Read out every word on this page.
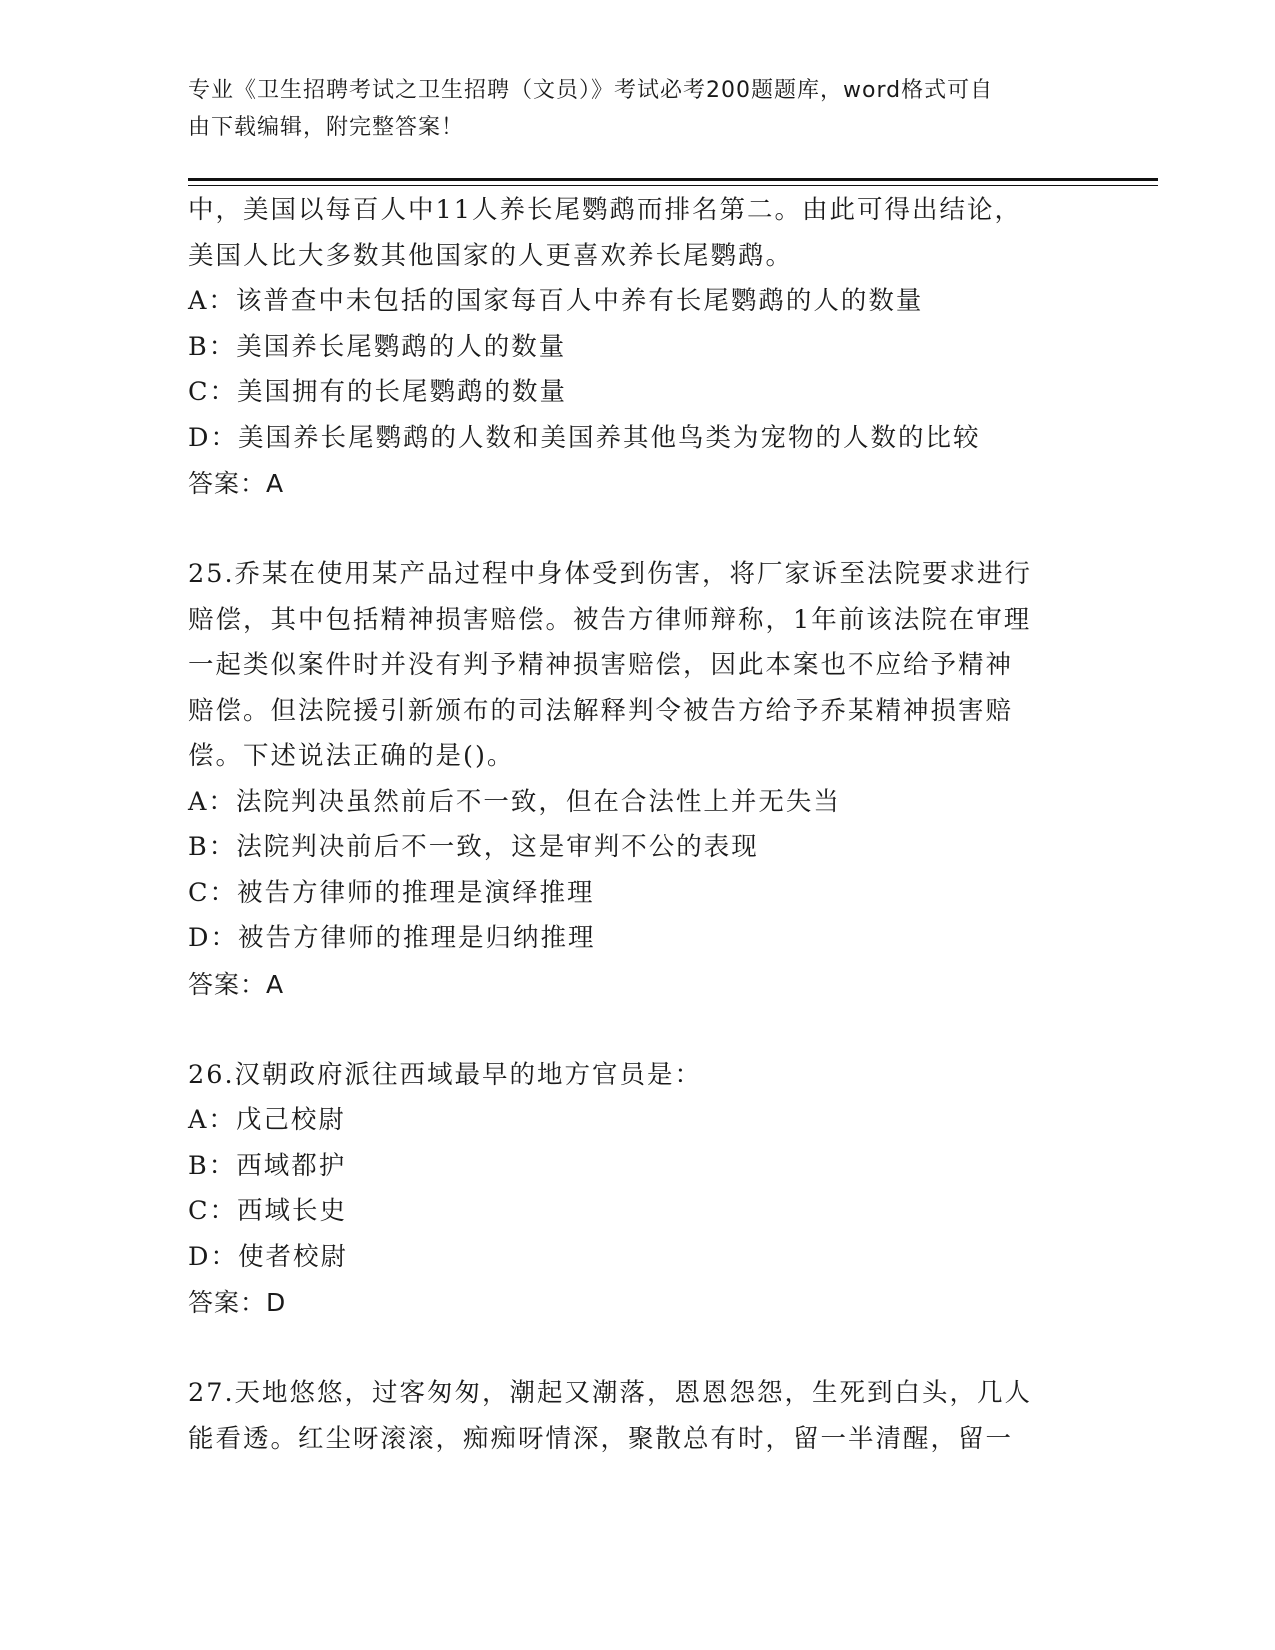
专业《卫生招聘考试之卫生招聘（文员）》考试必考200题题库，word格式可自
由下载编辑，附完整答案！
中，美国以每百人中11人养长尾鹦鹉而排名第二。由此可得出结论，
美国人比大多数其他国家的人更喜欢养长尾鹦鹉。
A：该普查中未包括的国家每百人中养有长尾鹦鹉的人的数量
B：美国养长尾鹦鹉的人的数量
C：美国拥有的长尾鹦鹉的数量
D：美国养长尾鹦鹉的人数和美国养其他鸟类为宠物的人数的比较
答案：A
25.乔某在使用某产品过程中身体受到伤害，将厂家诉至法院要求进行
赔偿，其中包括精神损害赔偿。被告方律师辩称，1年前该法院在审理
一起类似案件时并没有判予精神损害赔偿，因此本案也不应给予精神
赔偿。但法院援引新颁布的司法解释判令被告方给予乔某精神损害赔
偿。下述说法正确的是()。
A：法院判决虽然前后不一致，但在合法性上并无失当
B：法院判决前后不一致，这是审判不公的表现
C：被告方律师的推理是演绎推理
D：被告方律师的推理是归纳推理
答案：A
26.汉朝政府派往西域最早的地方官员是：
A：戊己校尉
B：西域都护
C：西域长史
D：使者校尉
答案：D
27.天地悠悠，过客匆匆，潮起又潮落，恩恩怨怨，生死到白头，几人
能看透。红尘呀滚滚，痴痴呀情深，聚散总有时，留一半清醒，留一
